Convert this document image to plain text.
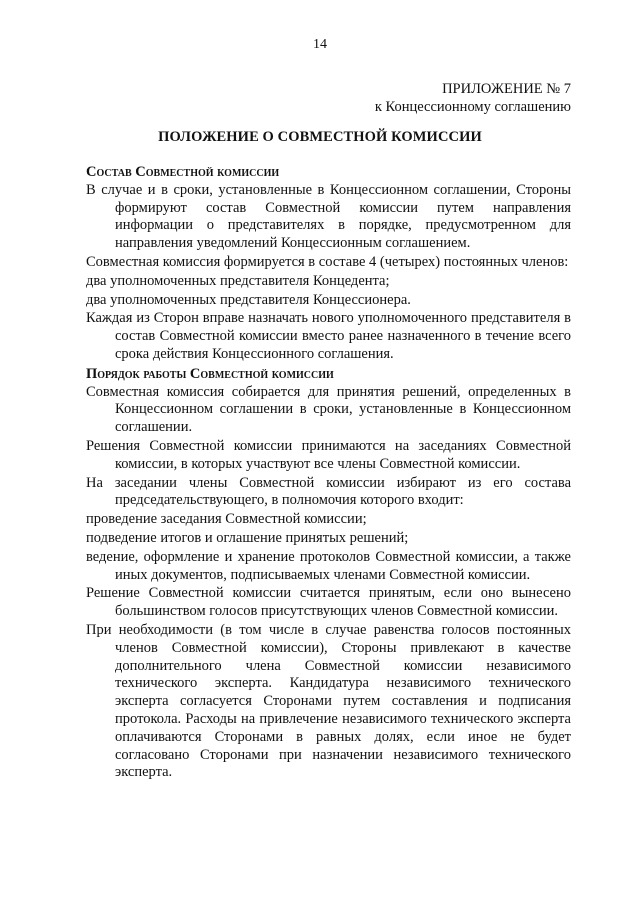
14
ПРИЛОЖЕНИЕ № 7
к Концессионному соглашению
ПОЛОЖЕНИЕ О СОВМЕСТНОЙ КОМИССИИ
Состав Совместной комиссии

В случае и в сроки, установленные в Концессионном соглашении, Стороны формируют состав Совместной комиссии путем направления информации о представителях в порядке, предусмотренном для направления уведомлений Концессионным соглашением.

Совместная комиссия формируется в составе 4 (четырех) постоянных членов:

два уполномоченных представителя Концедента;

два уполномоченных представителя Концессионера.

Каждая из Сторон вправе назначать нового уполномоченного представителя в состав Совместной комиссии вместо ранее назначенного в течение всего срока действия Концессионного соглашения.

Порядок работы Совместной комиссии

Совместная комиссия собирается для принятия решений, определенных в Концессионном соглашении в сроки, установленные в Концессионном соглашении.

Решения Совместной комиссии принимаются на заседаниях Совместной комиссии, в которых участвуют все члены Совместной комиссии.

На заседании члены Совместной комиссии избирают из его состава председательствующего, в полномочия которого входит:

проведение заседания Совместной комиссии;

подведение итогов и оглашение принятых решений;

ведение, оформление и хранение протоколов Совместной комиссии, а также иных документов, подписываемых членами Совместной комиссии.

Решение Совместной комиссии считается принятым, если оно вынесено большинством голосов присутствующих членов Совместной комиссии.

При необходимости (в том числе в случае равенства голосов постоянных членов Совместной комиссии), Стороны привлекают в качестве дополнительного члена Совместной комиссии независимого технического эксперта. Кандидатура независимого технического эксперта согласуется Сторонами путем составления и подписания протокола. Расходы на привлечение независимого технического эксперта оплачиваются Сторонами в равных долях, если иное не будет согласовано Сторонами при назначении независимого технического эксперта.
